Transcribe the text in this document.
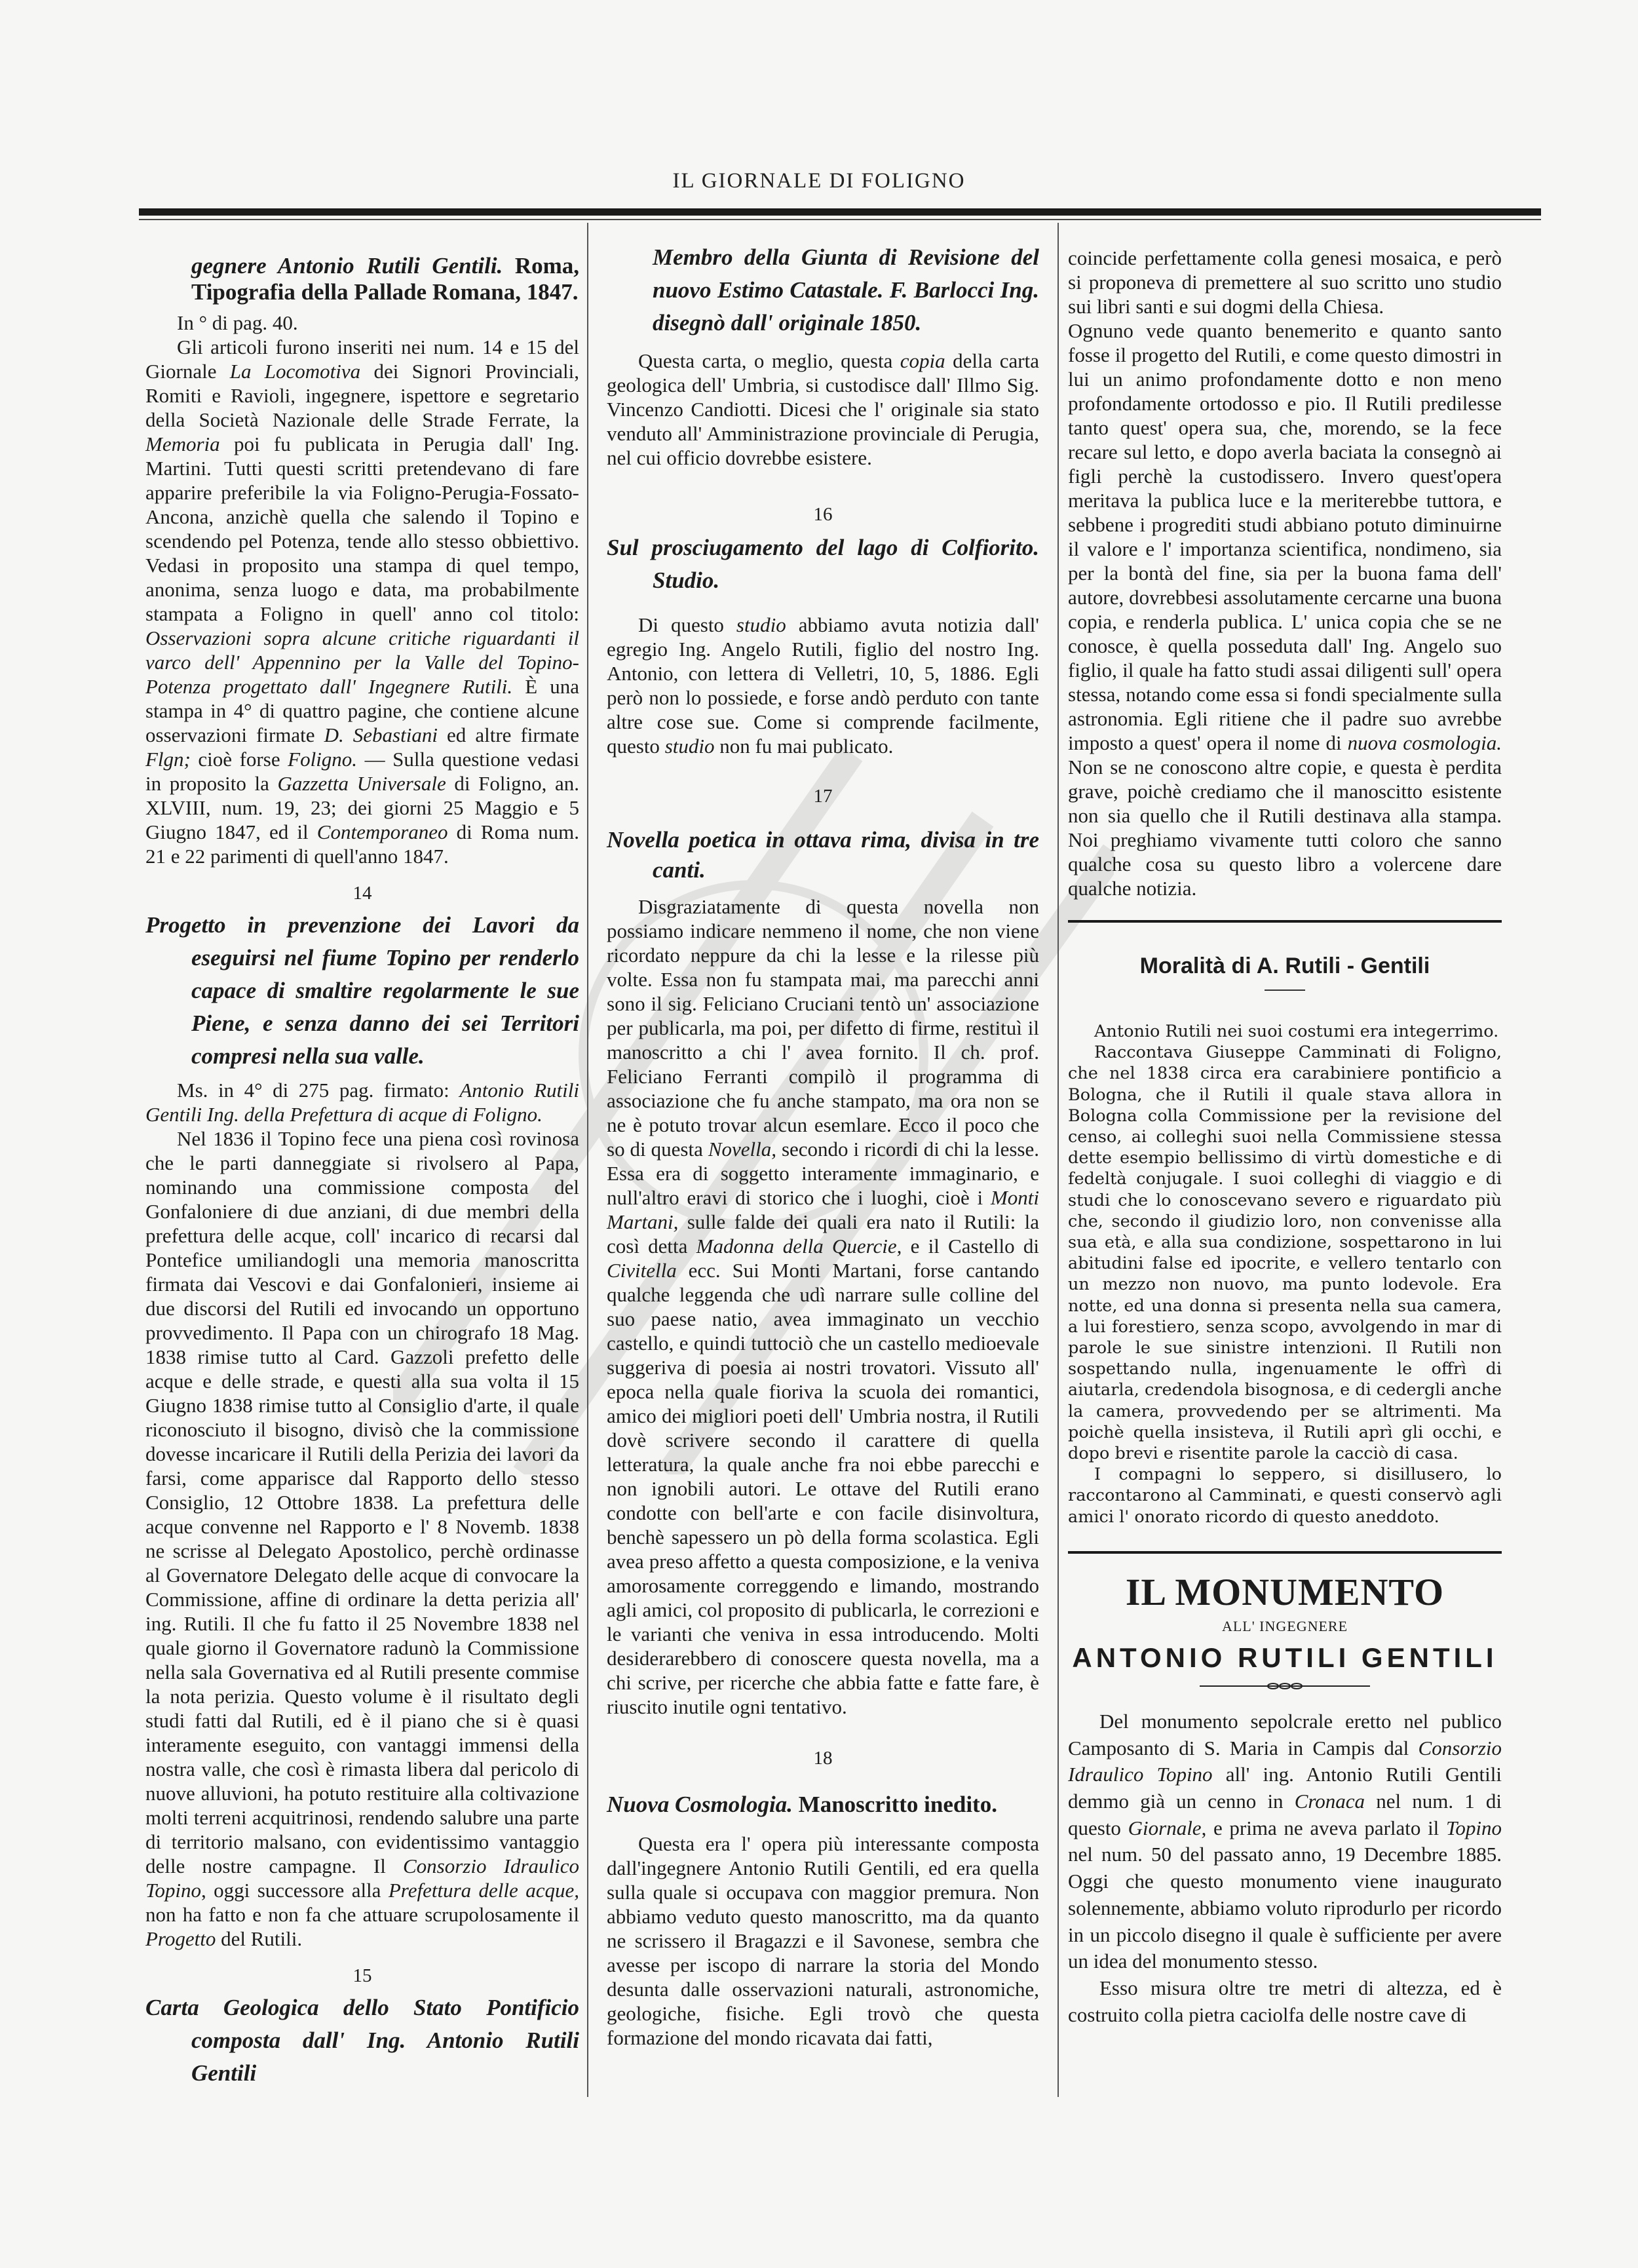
IL GIORNALE DI FOLIGNO

gegnere Antonio Rutili Gentili. Roma, Tipografia della Pallade Romana, 1847.

In ° di pag. 40.

Gli articoli furono inseriti nei num. 14 e 15 del Giornale La Locomotiva dei Signori Provinciali, Romiti e Ravioli, ingegnere, ispettore e segretario della Società Nazionale delle Strade Ferrate, la Memoria poi fu publicata in Perugia dall' Ing. Martini. Tutti questi scritti pretendevano di fare apparire preferibile la via Foligno-Perugia-Fossato-Ancona, anzichè quella che salendo il Topino e scendendo pel Potenza, tende allo stesso obbiettivo. Vedasi in proposito una stampa di quel tempo, anonima, senza luogo e data, ma probabilmente stampata a Foligno in quell' anno col titolo: Osservazioni sopra alcune critiche riguardanti il varco dell' Appennino per la Valle del Topino-Potenza progettato dall' Ingegnere Rutili. È una stampa in 4° di quattro pagine, che contiene alcune osservazioni firmate D. Sebastiani ed altre firmate Flgn; cioè forse Foligno. — Sulla questione vedasi in proposito la Gazzetta Universale di Foligno, an. XLVIII, num. 19, 23; dei giorni 25 Maggio e 5 Giugno 1847, ed il Contemporaneo di Roma num. 21 e 22 parimenti di quell'anno 1847.

14

Progetto in prevenzione dei Lavori da eseguirsi nel fiume Topino per renderlo capace di smaltire regolarmente le sue Piene, e senza danno dei sei Territori compresi nella sua valle.

Ms. in 4° di 275 pag. firmato: Antonio Rutili Gentili Ing. della Prefettura di acque di Foligno.

Nel 1836 il Topino fece una piena così rovinosa che le parti danneggiate si rivolsero al Papa, nominando una commissione composta del Gonfaloniere di due anziani, di due membri della prefettura delle acque, coll' incarico di recarsi dal Pontefice umiliandogli una memoria manoscritta firmata dai Vescovi e dai Gonfalonieri, insieme ai due discorsi del Rutili ed invocando un opportuno provvedimento. Il Papa con un chirografo 18 Mag. 1838 rimise tutto al Card. Gazzoli prefetto delle acque e delle strade, e questi alla sua volta il 15 Giugno 1838 rimise tutto al Consiglio d'arte, il quale riconosciuto il bisogno, divisò che la commissione dovesse incaricare il Rutili della Perizia dei lavori da farsi, come apparisce dal Rapporto dello stesso Consiglio, 12 Ottobre 1838. La prefettura delle acque convenne nel Rapporto e l' 8 Novemb. 1838 ne scrisse al Delegato Apostolico, perchè ordinasse al Governatore Delegato delle acque di convocare la Commissione, affine di ordinare la detta perizia all' ing. Rutili. Il che fu fatto il 25 Novembre 1838 nel quale giorno il Governatore radunò la Commissione nella sala Governativa ed al Rutili presente commise la nota perizia. Questo volume è il risultato degli studi fatti dal Rutili, ed è il piano che si è quasi interamente eseguito, con vantaggi immensi della nostra valle, che così è rimasta libera dal pericolo di nuove alluvioni, ha potuto restituire alla coltivazione molti terreni acquitrinosi, rendendo salubre una parte di territorio malsano, con evidentissimo vantaggio delle nostre campagne. Il Consorzio Idraulico Topino, oggi successore alla Prefettura delle acque, non ha fatto e non fa che attuare scrupolosamente il Progetto del Rutili.

15

Carta Geologica dello Stato Pontificio composta dall' Ing. Antonio Rutili Gentili

Membro della Giunta di Revisione del nuovo Estimo Catastale. F. Barlocci Ing. disegnò dall' originale 1850.

Questa carta, o meglio, questa copia della carta geologica dell' Umbria, si custodisce dall' Illmo Sig. Vincenzo Candiotti. Dicesi che l' originale sia stato venduto all' Amministrazione provinciale di Perugia, nel cui officio dovrebbe esistere.

16

Sul prosciugamento del lago di Colfiorito. Studio.

Di questo studio abbiamo avuta notizia dall' egregio Ing. Angelo Rutili, figlio del nostro Ing. Antonio, con lettera di Velletri, 10, 5, 1886. Egli però non lo possiede, e forse andò perduto con tante altre cose sue. Come si comprende facilmente, questo studio non fu mai publicato.

17

Novella poetica in ottava rima, divisa in tre canti.

Disgraziatamente di questa novella non possiamo indicare nemmeno il nome, che non viene ricordato neppure da chi la lesse e la rilesse più volte. Essa non fu stampata mai, ma parecchi anni sono il sig. Feliciano Cruciani tentò un' associazione per publicarla, ma poi, per difetto di firme, restituì il manoscritto a chi l' avea fornito. Il ch. prof. Feliciano Ferranti compilò il programma di associazione che fu anche stampato, ma ora non se ne è potuto trovar alcun esemlare. Ecco il poco che so di questa Novella, secondo i ricordi di chi la lesse. Essa era di soggetto interamente immaginario, e null'altro eravi di storico che i luoghi, cioè i Monti Martani, sulle falde dei quali era nato il Rutili: la così detta Madonna della Quercie, e il Castello di Civitella ecc. Sui Monti Martani, forse cantando qualche leggenda che udì narrare sulle colline del suo paese natio, avea immaginato un vecchio castello, e quindi tuttociò che un castello medioevale suggeriva di poesia ai nostri trovatori. Vissuto all' epoca nella quale fioriva la scuola dei romantici, amico dei migliori poeti dell' Umbria nostra, il Rutili dovè scrivere secondo il carattere di quella letteratura, la quale anche fra noi ebbe parecchi e non ignobili autori. Le ottave del Rutili erano condotte con bell'arte e con facile disinvoltura, benchè sapessero un pò della forma scolastica. Egli avea preso affetto a questa composizione, e la veniva amorosamente correggendo e limando, mostrando agli amici, col proposito di publicarla, le correzioni e le varianti che veniva in essa introducendo. Molti desiderarebbero di conoscere questa novella, ma a chi scrive, per ricerche che abbia fatte e fatte fare, è riuscito inutile ogni tentativo.

18

Nuova Cosmologia. Manoscritto inedito.

Questa era l' opera più interessante composta dall'ingegnere Antonio Rutili Gentili, ed era quella sulla quale si occupava con maggior premura. Non abbiamo veduto questo manoscritto, ma da quanto ne scrissero il Bragazzi e il Savonese, sembra che avesse per iscopo di narrare la storia del Mondo desunta dalle osservazioni naturali, astronomiche, geologiche, fisiche. Egli trovò che questa formazione del mondo ricavata dai fatti,

coincide perfettamente colla genesi mosaica, e però si proponeva di premettere al suo scritto uno studio sui libri santi e sui dogmi della Chiesa.

Ognuno vede quanto benemerito e quanto santo fosse il progetto del Rutili, e come questo dimostri in lui un animo profondamente dotto e non meno profondamente ortodosso e pio. Il Rutili predilesse tanto quest' opera sua, che, morendo, se la fece recare sul letto, e dopo averla baciata la consegnò ai figli perchè la custodissero. Invero quest'opera meritava la publica luce e la meriterebbe tuttora, e sebbene i progrediti studi abbiano potuto diminuirne il valore e l' importanza scientifica, nondimeno, sia per la bontà del fine, sia per la buona fama dell' autore, dovrebbesi assolutamente cercarne una buona copia, e renderla publica. L' unica copia che se ne conosce, è quella posseduta dall' Ing. Angelo suo figlio, il quale ha fatto studi assai diligenti sull' opera stessa, notando come essa si fondi specialmente sulla astronomia. Egli ritiene che il padre suo avrebbe imposto a quest' opera il nome di nuova cosmologia. Non se ne conoscono altre copie, e questa è perdita grave, poichè crediamo che il manoscitto esistente non sia quello che il Rutili destinava alla stampa. Noi preghiamo vivamente tutti coloro che sanno qualche cosa su questo libro a volercene dare qualche notizia.

Moralità di A. Rutili - Gentili

Antonio Rutili nei suoi costumi era integerrimo.

Raccontava Giuseppe Camminati di Foligno, che nel 1838 circa era carabiniere pontificio a Bologna, che il Rutili il quale stava allora in Bologna colla Commissione per la revisione del censo, ai colleghi suoi nella Commissiene stessa dette esempio bellissimo di virtù domestiche e di fedeltà conjugale. I suoi colleghi di viaggio e di studi che lo conoscevano severo e riguardato più che, secondo il giudizio loro, non convenisse alla sua età, e alla sua condizione, sospettarono in lui abitudini false ed ipocrite, e vellero tentarlo con un mezzo non nuovo, ma punto lodevole. Era notte, ed una donna si presenta nella sua camera, a lui forestiero, senza scopo, avvolgendo in mar di parole le sue sinistre intenzioni. Il Rutili non sospettando nulla, ingenuamente le offrì di aiutarla, credendola bisognosa, e di cedergli anche la camera, provvedendo per se altrimenti. Ma poichè quella insisteva, il Rutili aprì gli occhi, e dopo brevi e risentite parole la cacciò di casa.

I compagni lo seppero, si disillusero, lo raccontarono al Camminati, e questi conservò agli amici l' onorato ricordo di questo aneddoto.

IL MONUMENTO
ALL' INGEGNERE
ANTONIO RUTILI GENTILI

Del monumento sepolcrale eretto nel publico Camposanto di S. Maria in Campis dal Consorzio Idraulico Topino all' ing. Antonio Rutili Gentili demmo già un cenno in Cronaca nel num. 1 di questo Giornale, e prima ne aveva parlato il Topino nel num. 50 del passato anno, 19 Decembre 1885. Oggi che questo monumento viene inaugurato solennemente, abbiamo voluto riprodurlo per ricordo in un piccolo disegno il quale è sufficiente per avere un idea del monumento stesso.

Esso misura oltre tre metri di altezza, ed è costruito colla pietra caciolfa delle nostre cave di
